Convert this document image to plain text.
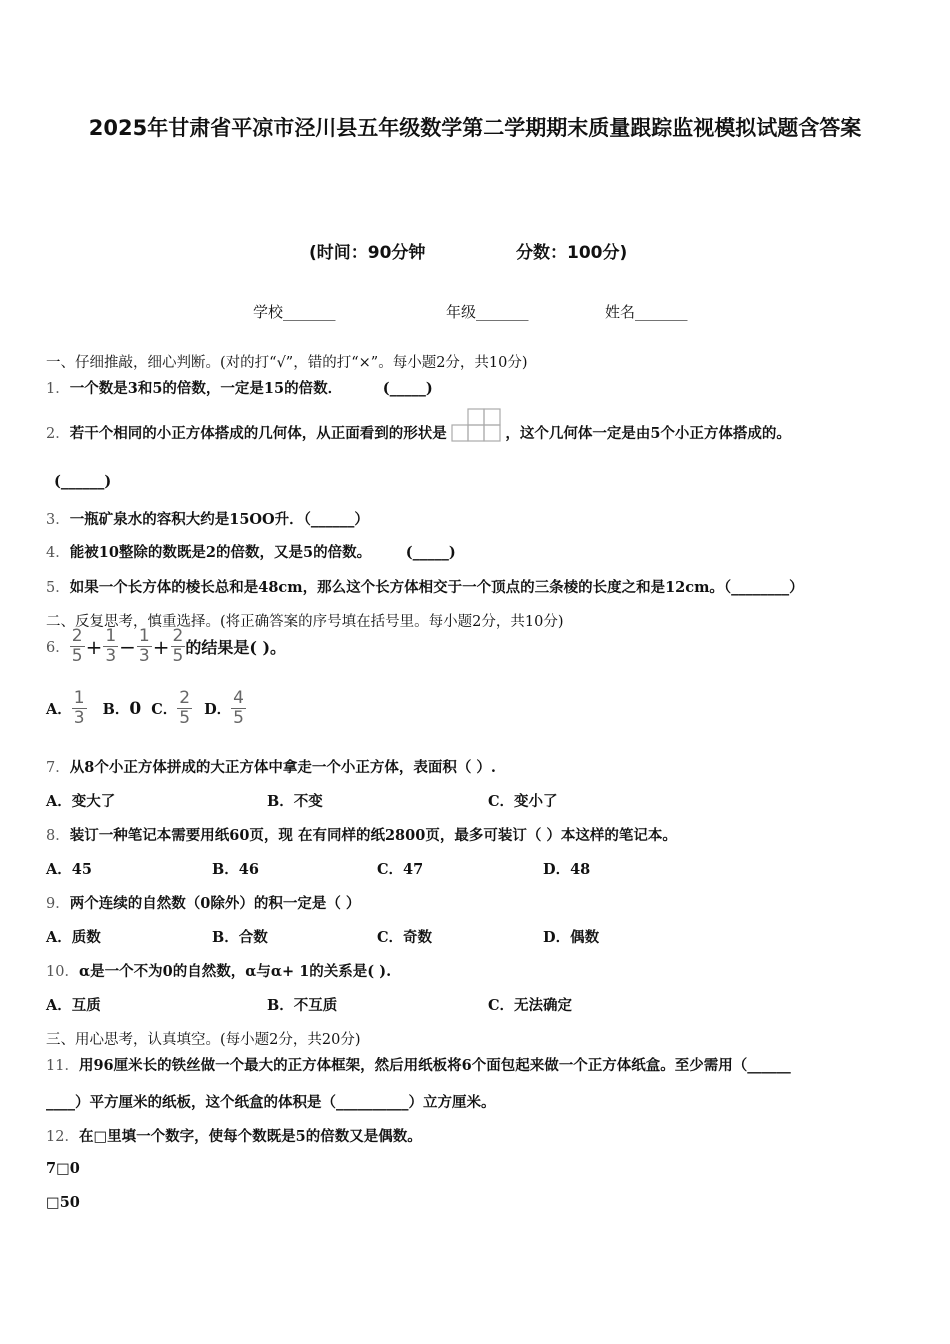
2025年甘肃省平凉市泾川县五年级数学第二学期期末质量跟踪监视模拟试题含答案
(时间：90分钟	分数：100分)
学校_______	年级_______	姓名_______
一、仔细推敲，细心判断。(对的打“√”，错的打“×”。每小题2分，共10分)
1．一个数是3和5的倍数，一定是15的倍数．	(_____)
2．若干个相同的小正方体搭成的几何体，从正面看到的形状是	，这个几何体一定是由5个小正方体搭成的。
(______)
3．一瓶矿泉水的容积大约是15OO升．（______）
4．能被10整除的数既是2的倍数，又是5的倍数。 (_____)
5．如果一个长方体的棱长总和是48cm，那么这个长方体相交于一个顶点的三条棱的长度之和是12cm。（________）
二、反复思考，慎重选择。(将正确答案的序号填在括号里。每小题2分，共10分)
6． $\frac{2}{5} + \frac{1}{3} - \frac{1}{3} + \frac{2}{5}$ 的结果是( )。
A． $\frac{1}{3}$ B．0 C． $\frac{2}{5}$ D． $\frac{4}{5}$
7．从8个小正方体拼成的大正方体中拿走一个小正方体，表面积（ ）.
A．变大了	B．不变	C．变小了
8．装订一种笔记本需要用纸60页，现 在有同样的纸2800页，最多可装订（ ）本这样的笔记本。
A．45	B．46	C．47	D．48
9．两个连续的自然数（0除外）的积一定是（ ）
A．质数	B．合数	C．奇数	D．偶数
10．α是一个不为0的自然数，α与α+ 1的关系是( ).
A．互质	B．不互质	C．无法确定
三、用心思考，认真填空。(每小题2分，共20分)
11．用96厘米长的铁丝做一个最大的正方体框架，然后用纸板将6个面包起来做一个正方体纸盒。至少需用（______
____）平方厘米的纸板，这个纸盒的体积是（__________）立方厘米。
12．在□里填一个数字，使每个数既是5的倍数又是偶数。
7□0
□50
